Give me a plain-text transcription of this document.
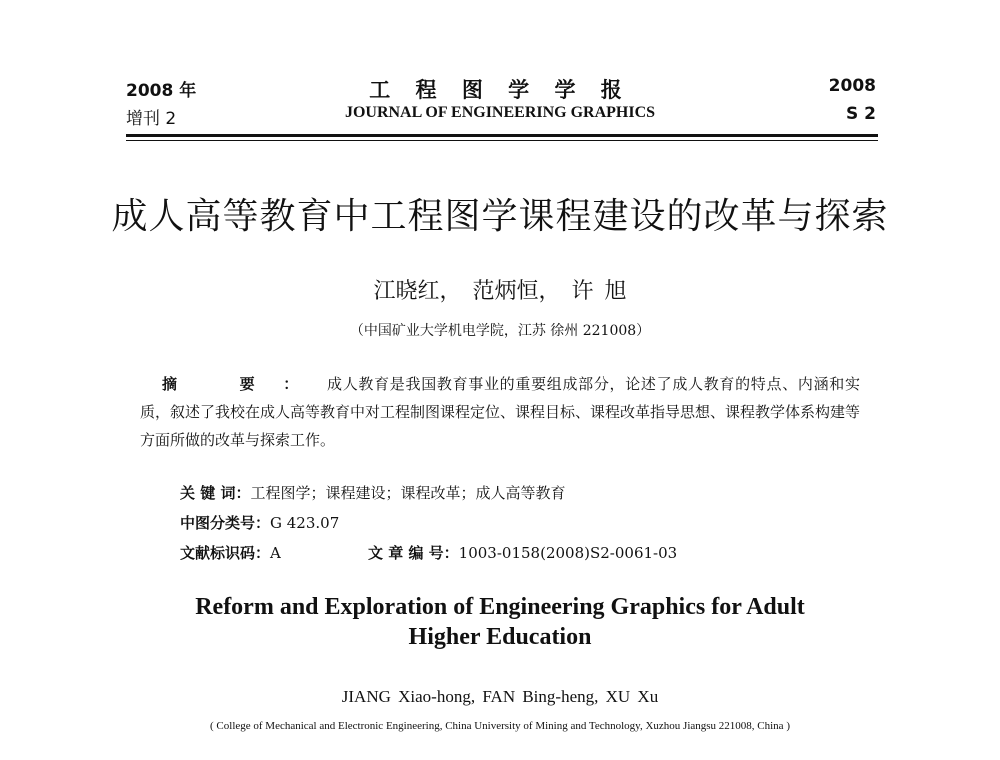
2008 年
增刊 2
工 程 图 学 学 报
JOURNAL OF ENGINEERING GRAPHICS
2008
S 2
成人高等教育中工程图学课程建设的改革与探索
江晓红， 范炳恒， 许 旭
（中国矿业大学机电学院，江苏 徐州 221008）
摘 要：成人教育是我国教育事业的重要组成部分，论述了成人教育的特点、内涵和实质，叙述了我校在成人高等教育中对工程制图课程定位、课程目标、课程改革指导思想、课程教学体系构建等方面所做的改革与探索工作。
关 键 词：工程图学；课程建设；课程改革；成人高等教育
中图分类号：G 423.07
文献标识码：A	文 章 编 号：1003-0158(2008)S2-0061-03
Reform and Exploration of Engineering Graphics for Adult Higher Education
JIANG Xiao-hong, FAN Bing-heng, XU Xu
( College of Mechanical and Electronic Engineering, China University of Mining and Technology, Xuzhou Jiangsu 221008, China )
